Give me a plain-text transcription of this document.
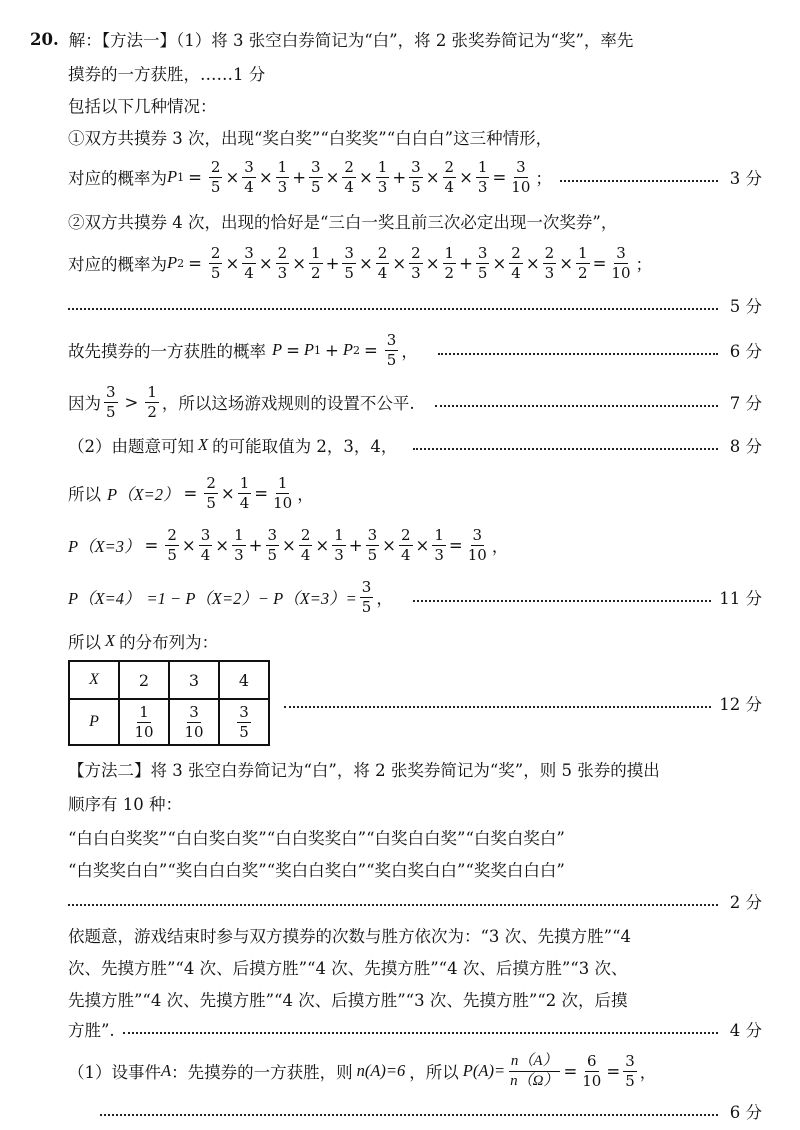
20. 解：【方法一】（1）将 3 张空白券简记为“白”，将 2 张奖券简记为“奖”，率先
摸券的一方获胜，……1 分
包括以下几种情况：
①双方共摸券 3 次，出现“奖白奖”“白奖奖”“白白白”这三种情形，
对应的概率为 P $1 = \frac{2}{5} \times \frac{3}{4} \times \frac{1}{3} + \frac{3}{5} \times \frac{2}{4} \times \frac{1}{3} + \frac{3}{5} \times \frac{2}{4} \times \frac{1}{3} = \frac{3}{10}$ ；	3 分
②双方共摸券 4 次，出现的恰好是“三白一奖且前三次必定出现一次奖券”，
对应的概率为 P $2 = \frac{2}{5} \times \frac{3}{4} \times \frac{2}{3} \times \frac{1}{2} + \frac{3}{5} \times \frac{2}{4} \times \frac{2}{3} \times \frac{1}{2} + \frac{3}{5} \times \frac{2}{4} \times \frac{2}{3} \times \frac{1}{2} = \frac{3}{10}$ ；
5 分
故先摸券的一方获胜的概率 P = P 1 + P $2 = \frac{3}{5}$ ，	6 分
因为 $\frac{3}{5} > \frac{1}{2}$ ，所以这场游戏规则的设置不公平.	7 分
（2）由题意可知 X 的可能取值为 2，3，4，	8 分
所以 $P(X=2) = \frac{2}{5} \times \frac{1}{4} = \frac{1}{10}$ ，
$P(X=3) = \frac{2}{5} \times \frac{3}{4} \times \frac{1}{3} + \frac{3}{5} \times \frac{2}{4} \times \frac{1}{3} + \frac{3}{5} \times \frac{2}{4} \times \frac{1}{3} = \frac{3}{10}$ ，
$P(X=4) =1 - P(X=2)- P(X=3)= \frac{3}{5}$ ，	11 分
所以 X 的分布列为：
X	2	3	4
P	$\frac{1}{10}$	$\frac{3}{10}$	$\frac{3}{5}$	12 分
【方法二】将 3 张空白券简记为“白”，将 2 张奖券简记为“奖”，则 5 张券的摸出
顺序有 10 种：
“白白白奖奖”“白白奖白奖”“白白奖奖白”“白奖白白奖”“白奖白奖白”
“白奖奖白白”“奖白白白奖”“奖白白奖白”“奖白奖白白”“奖奖白白白”
2 分
依题意，游戏结束时参与双方摸券的次数与胜方依次为：“3 次、先摸方胜”“4
次、先摸方胜”“4 次、后摸方胜”“4 次、先摸方胜”“4 次、后摸方胜”“3 次、
先摸方胜”“4 次、先摸方胜”“4 次、后摸方胜”“3 次、先摸方胜”“2 次，后摸
方胜”.	4 分
（1）设事件 A ：先摸券的一方获胜，则 n(A)=6 ，所以 $P(A)= \frac{n(A)}{n(\Omega)} = \frac{6}{10} = \frac{3}{5}$ ，
6 分
